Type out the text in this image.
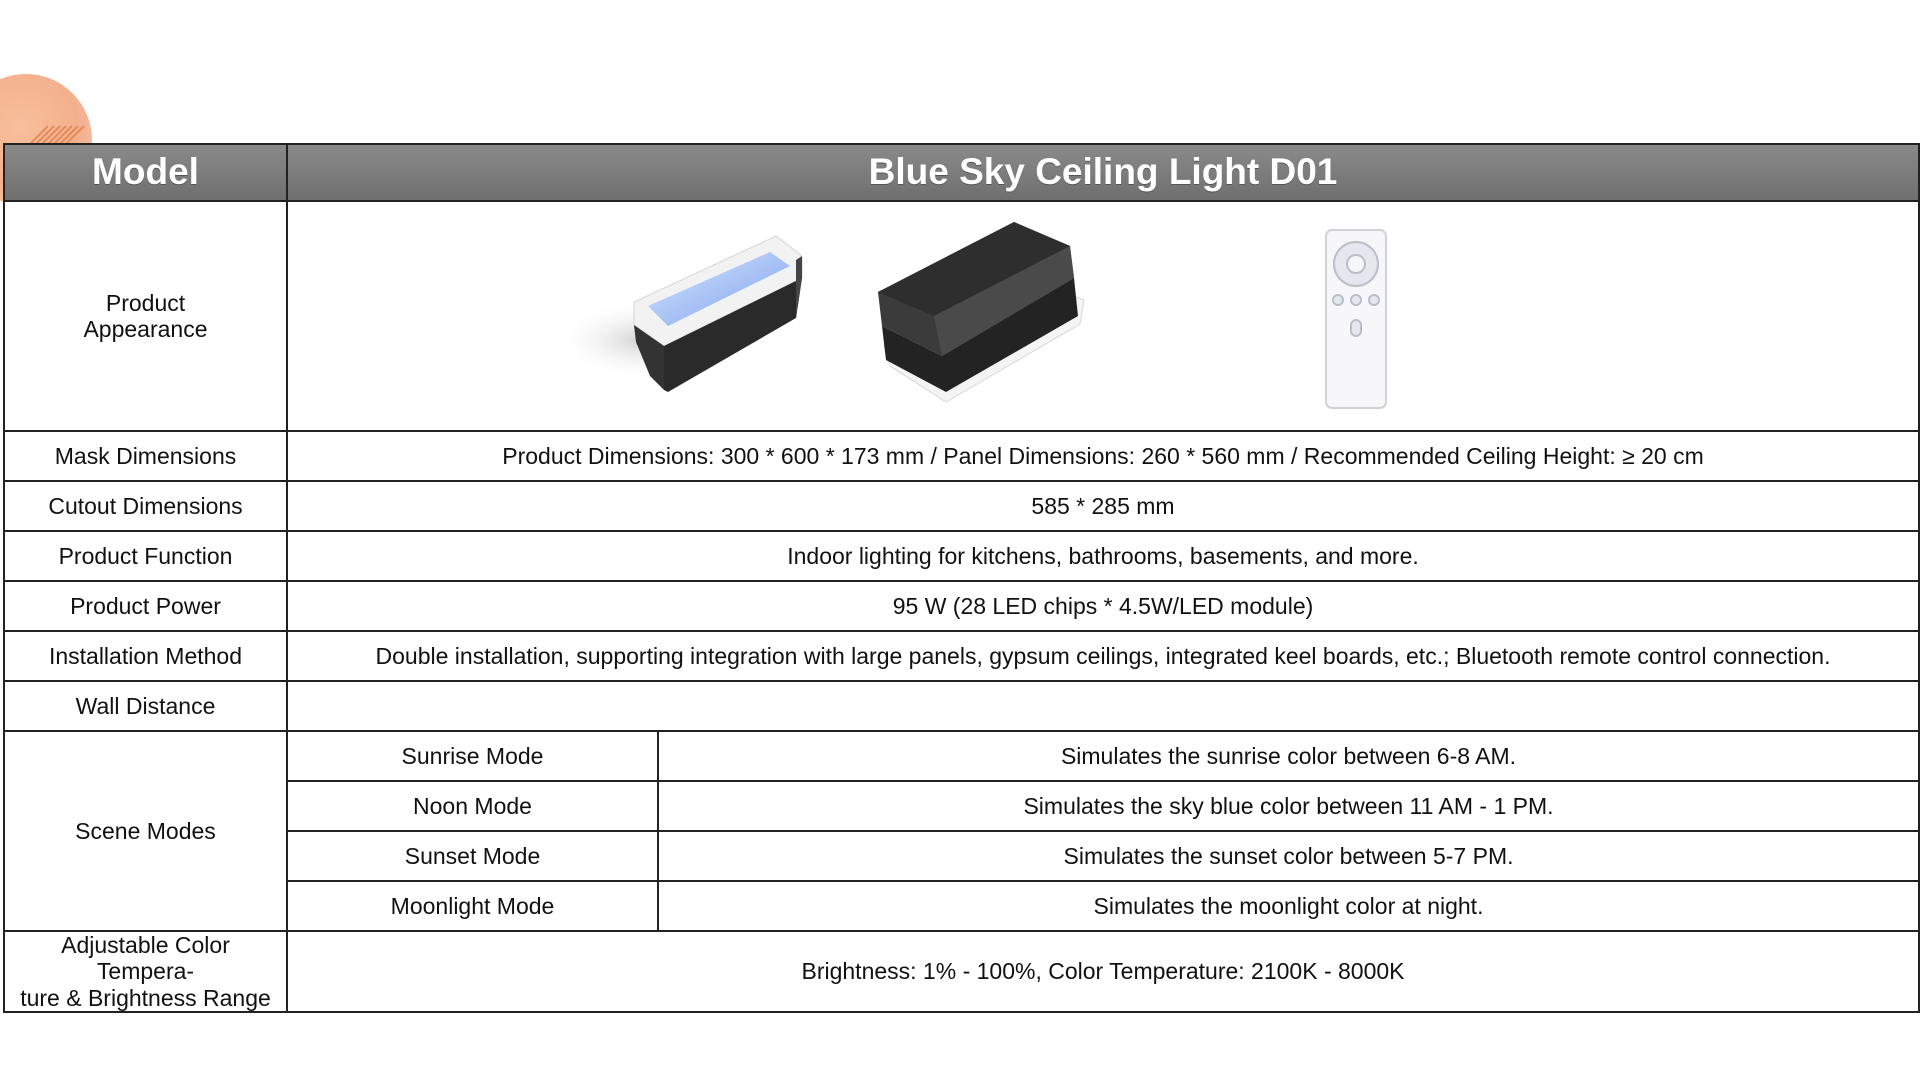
Model	Blue Sky Ceiling Light D01	
Product Appearance	

Mask Dimensions	Product Dimensions: 300 * 600 * 173 mm / Panel Dimensions: 260 * 560 mm / Recommended Ceiling Height: ≥ 20 cm	
Cutout Dimensions	585 * 285 mm	
Product Function	Indoor lighting for kitchens, bathrooms, basements, and more.	
Product Power	95 W (28 LED chips * 4.5W/LED module)	
Installation Method	Double installation, supporting integration with large panels, gypsum ceilings, integrated keel boards, etc.; Bluetooth remote control connection.	
Wall Distance		
Scene Modes	Sunrise Mode	Simulates the sunrise color between 6-8 AM.
	Noon Mode	Simulates the sky blue color between 11 AM - 1 PM.
	Sunset Mode	Simulates the sunset color between 5-7 PM.
	Moonlight Mode	Simulates the moonlight color at night.
Adjustable Color Tempera-
ture & Brightness Range	Brightness: 1% - 100%, Color Temperature: 2100K - 8000K	
